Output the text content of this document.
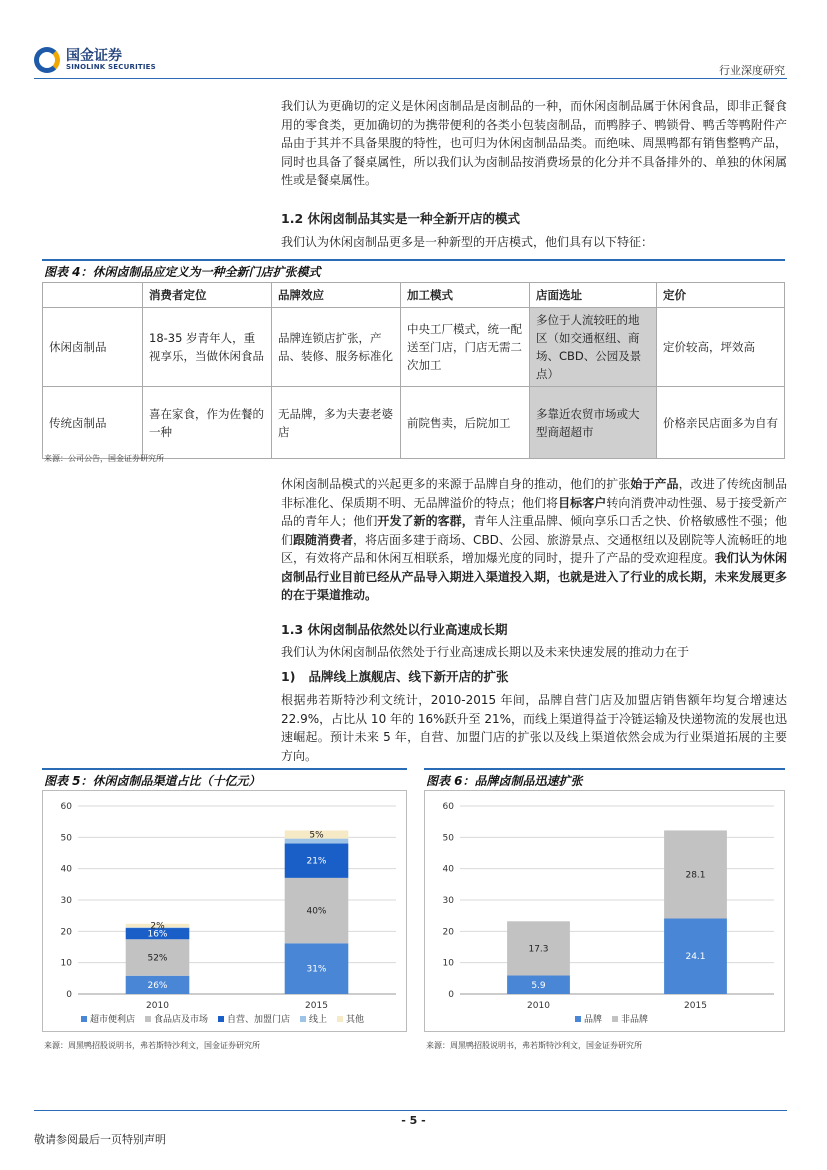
国金证券
SINOLINK SECURITIES	行业深度研究
我们认为更确切的定义是休闲卤制品是卤制品的一种，而休闲卤制品属于休闲食品，即非正餐食用的零食类，更加确切的为携带便利的各类小包装卤制品，而鸭脖子、鸭锁骨、鸭舌等鸭附件产品由于其并不具备果腹的特性，也可归为休闲卤制品品类。而绝味、周黑鸭都有销售整鸭产品，同时也具备了餐桌属性，所以我们认为卤制品按消费场景的化分并不具备排外的、单独的休闲属性或是餐桌属性。
1.2 休闲卤制品其实是一种全新开店的模式
我们认为休闲卤制品更多是一种新型的开店模式，他们具有以下特征：
图表 4：休闲卤制品应定义为一种全新门店扩张模式
	消费者定位	品牌效应	加工模式	店面选址	定价
休闲卤制品	18-35 岁青年人，重视享乐，当做休闲食品	品牌连锁店扩张，产品、装修、服务标准化	中央工厂模式，统一配送至门店，门店无需二次加工	多位于人流较旺的地区（如交通枢纽、商场、CBD、公园及景点）	定价较高，坪效高
传统卤制品	喜在家食，作为佐餐的一种	无品牌，多为夫妻老婆店	前院售卖，后院加工	多靠近农贸市场或大型商超超市	价格亲民店面多为自有
来源：公司公告，国金证券研究所
休闲卤制品模式的兴起更多的来源于品牌自身的推动，他们的扩张始于产品，改进了传统卤制品非标准化、保质期不明、无品牌溢价的特点；他们将目标客户转向消费冲动性强、易于接受新产品的青年人；他们开发了新的客群，青年人注重品牌、倾向享乐口舌之快、价格敏感性不强；他们跟随消费者，将店面多建于商场、CBD、公园、旅游景点、交通枢纽以及剧院等人流畅旺的地区，有效将产品和休闲互相联系，增加爆光度的同时，提升了产品的受欢迎程度。我们认为休闲卤制品行业目前已经从产品导入期进入渠道投入期，也就是进入了行业的成长期，未来发展更多的在于渠道推动。
1.3 休闲卤制品依然处以行业高速成长期
我们认为休闲卤制品依然处于行业高速成长期以及未来快速发展的推动力在于
1)   品牌线上旗舰店、线下新开店的扩张
根据弗若斯特沙利文统计，2010-2015 年间，品牌自营门店及加盟店销售额年均复合增速达 22.9%，占比从 10 年的 16%跃升至 21%，而线上渠道得益于冷链运输及快递物流的发展也迅速崛起。预计未来 5 年，自营、加盟门店的扩张以及线上渠道依然会成为行业渠道拓展的主要方向。
图表 5：休闲卤制品渠道占比（十亿元）
0
10
20
30
40
50
60
2010
26%
52%
16%
2%
2015
31%
40%
21%
5%
超市便利店 食品店及市场 自营、加盟门店 线上 其他
来源：周黑鸭招股说明书，弗若斯特沙利文，国金证券研究所
图表 6：品牌卤制品迅速扩张
0
10
20
30
40
50
60
2010
5.9
17.3
2015
24.1
28.1
品牌 非品牌
来源：周黑鸭招股说明书，弗若斯特沙利文，国金证券研究所
- 5 -
敬请参阅最后一页特别声明
